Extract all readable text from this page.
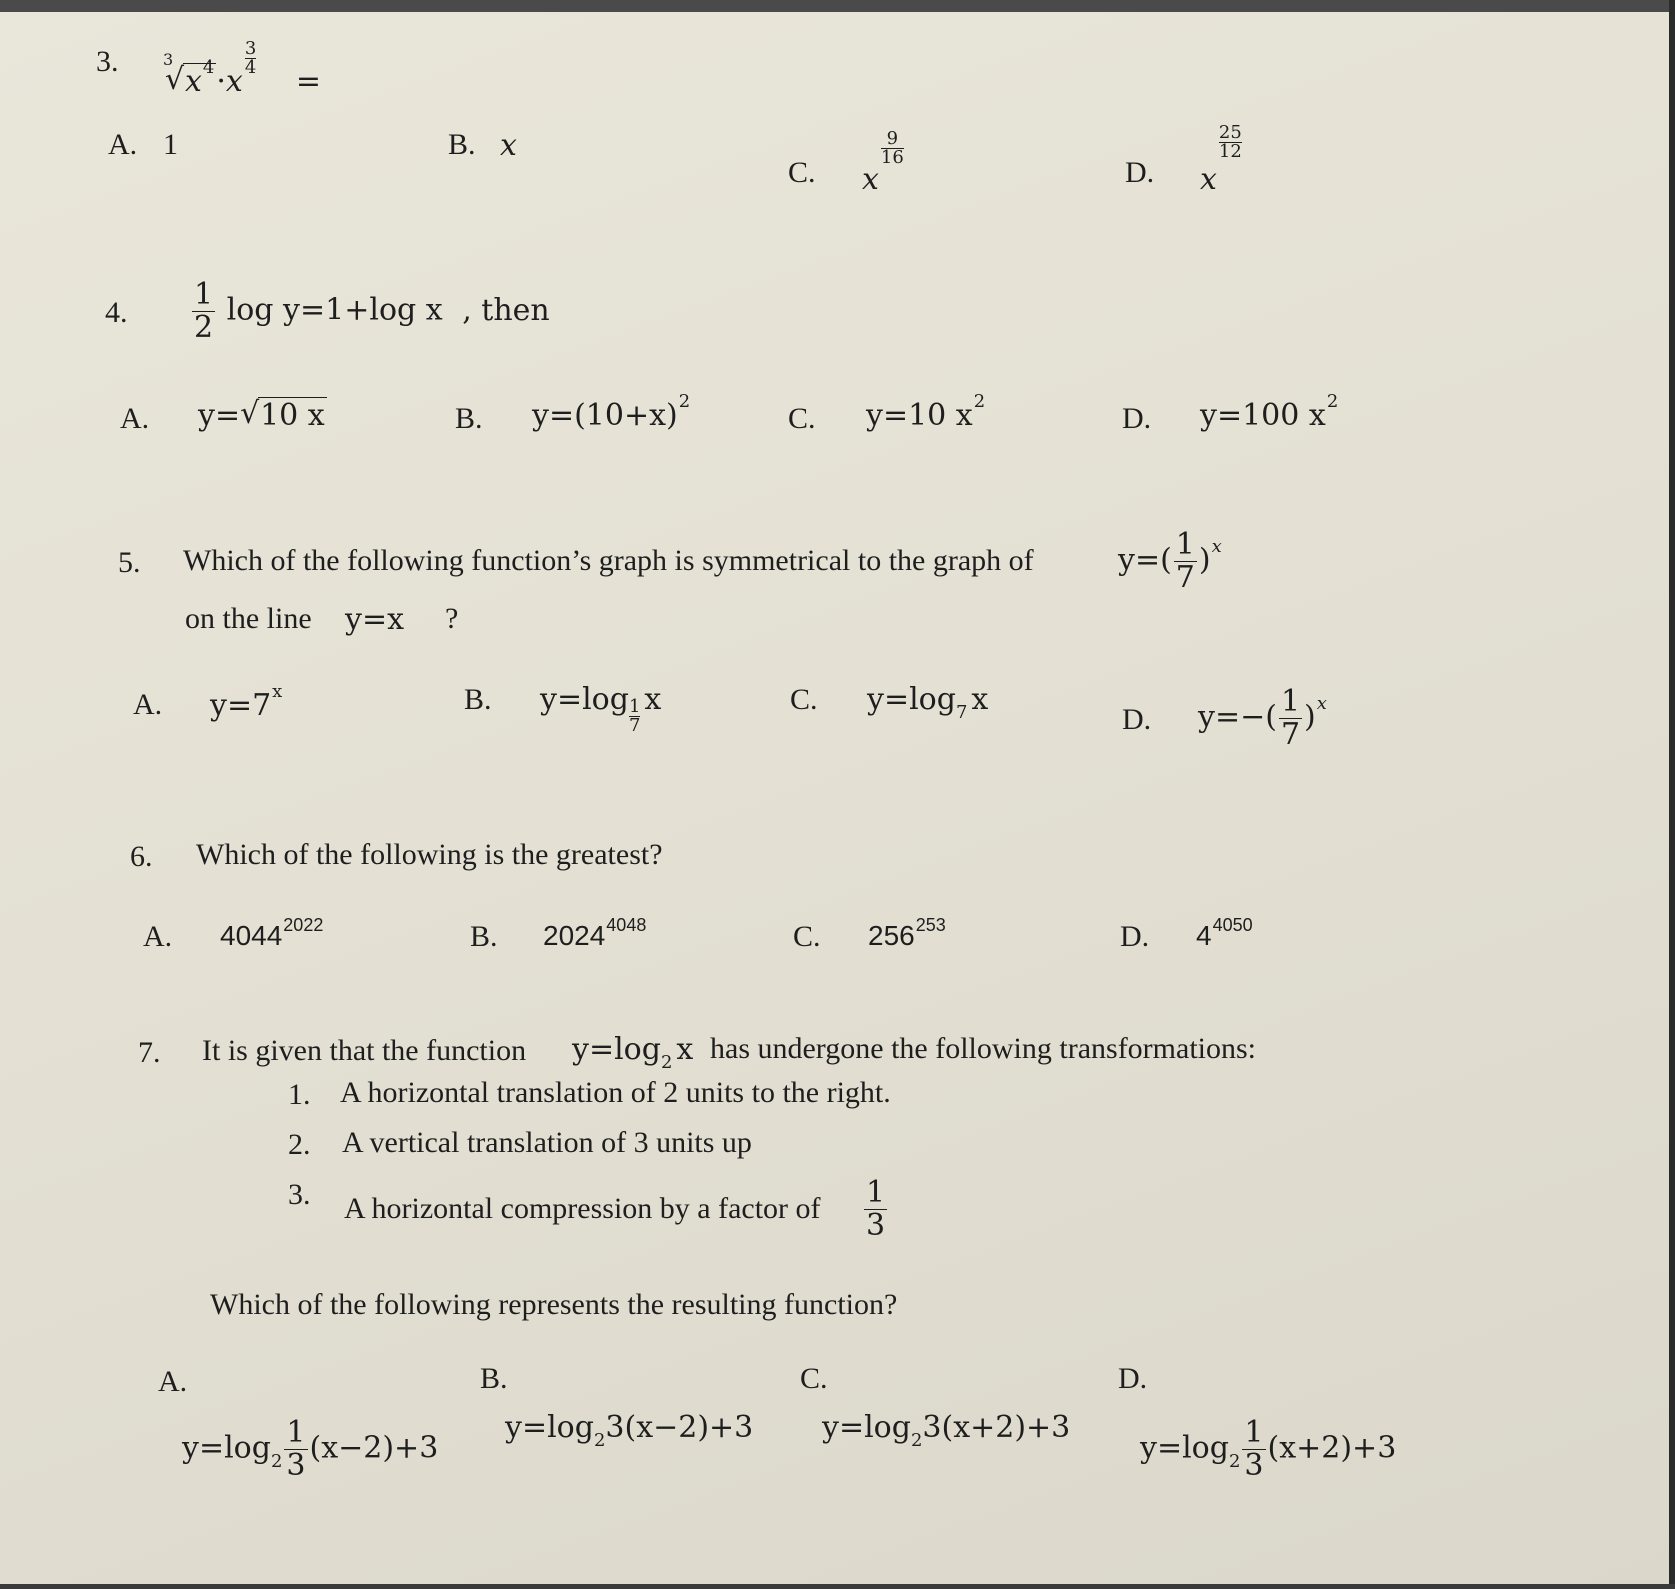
3.	3
√ $x^4\cdot x$
$\frac{3}{4}$
=
A. 1	B. x
C. x
$\frac{9}{16}$
D. x
$\frac{25}{12}$
4. $\frac{1}{2}$ log y=1+log x , then
A. y= √ 10 x	B. $y=(10+x)^2$
C. y=10 $x^2$
D. y=100 $x^2$
5. Which of the following function’s graph is symmetrical to the graph of	$y=( \frac{1}{7} )^x$
on the line y=x ?
A. $y=7^x$	B. $y=\log \frac{1}{7}$ x	C. $y=\log_7$ x
D. $y=-( \frac{1}{7} )^x$
6. Which of the following is the greatest?
A. $4044^{2022}$	B. $2024^{4048}$	C. $256^{253}$	D. $4^{4050}$
7. It is given that the function $y=\log_2$ x has undergone the following transformations:
1. A horizontal translation of 2 units to the right.
2. A vertical translation of 3 units up
3. A horizontal compression by a factor of $\frac{1}{3}$
Which of the following represents the resulting function?
A.
$y=\log_2 \frac{1}{3} (x-2)+3$
B.
$y=\log_23(x-2)+3$
C.
$y=\log_23(x+2)+3$
D.
$y=\log_2 \frac{1}{3} (x+2)+3$
